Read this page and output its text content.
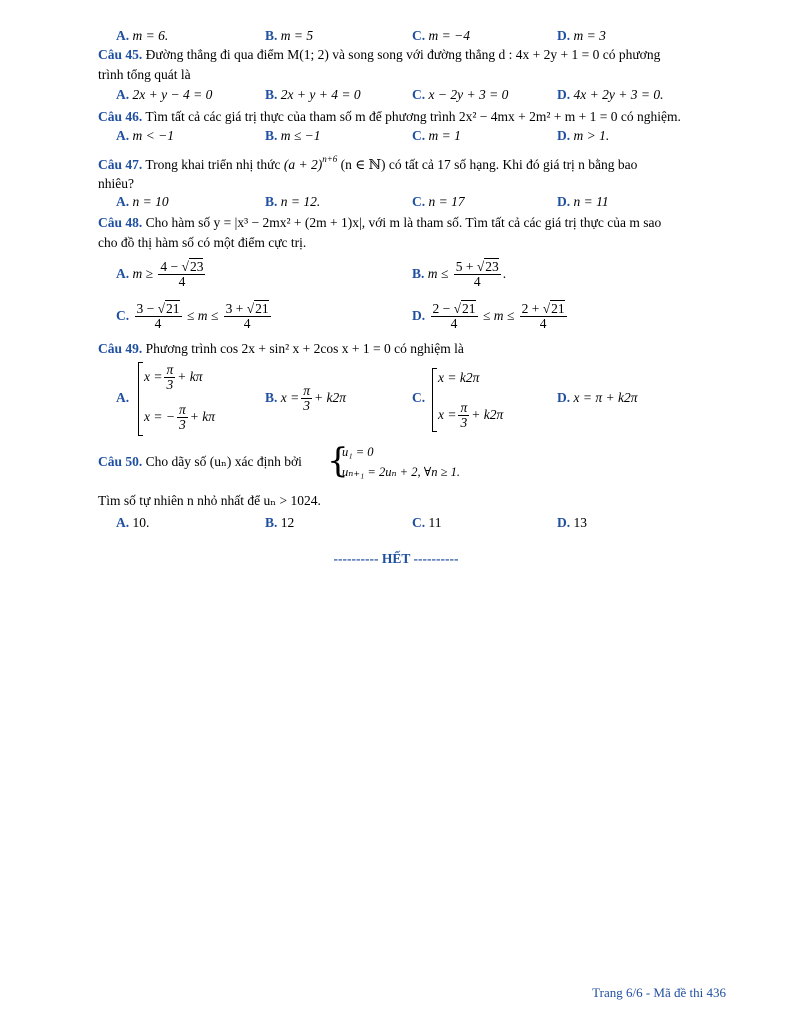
A. m = 6.	B. m = 5	C. m = −4	D. m = 3
Câu 45. Đường thẳng đi qua điểm M(1; 2) và song song với đường thẳng d : 4x + 2y + 1 = 0 có phương
trình tổng quát là
A. 2x + y − 4 = 0	B. 2x + y + 4 = 0	C. x − 2y + 3 = 0	D. 4x + 2y + 3 = 0.
Câu 46. Tìm tất cả các giá trị thực của tham số m để phương trình 2x² − 4mx + 2m² + m + 1 = 0 có nghiệm.
A. m < −1	B. m ≤ −1	C. m = 1	D. m > 1.
Câu 47. Trong khai triển nhị thức $(a + 2)^{n+6}$ (n ∈ ℕ) có tất cả 17 số hạng. Khi đó giá trị n bằng bao
nhiêu?
A. n = 10	B. n = 12.	C. n = 17	D. n = 11
Câu 48. Cho hàm số y = |x³ − 2mx² + (2m + 1)x|, với m là tham số. Tìm tất cả các giá trị thực của m sao
cho đồ thị hàm số có một điểm cực trị.
A. $m \ge \frac{4 - √23}{4}$	B. $m \le \frac{5 + √23}{4}$ .
C. $\frac{3 - √21}{4} \le m \le \frac{3 + √21}{4}$	D. $\frac{2 - √21}{4} \le m \le \frac{2 + √21}{4}$
Câu 49. Phương trình cos 2x + sin² x + 2cos x + 1 = 0 có nghiệm là
A.
$x = \frac{\pi}{3} + k\pi$
x = − $\frac{\pi}{3} + k\pi$
B. $x = \frac{\pi}{3} + k2\pi$	C.
x = k2π
$x = \frac{\pi}{3} + k2\pi$
D. x = π + k2π
Câu 50. Cho dãy số (uₙ) xác định bởi {
u₁ = 0
uₙ₊₁ = 2uₙ + 2, ∀n ≥ 1.
Tìm số tự nhiên n nhỏ nhất để uₙ > 1024.
A. 10.	B. 12	C. 11	D. 13
---------- HẾT ----------
Trang 6/6 - Mã đề thi 436
